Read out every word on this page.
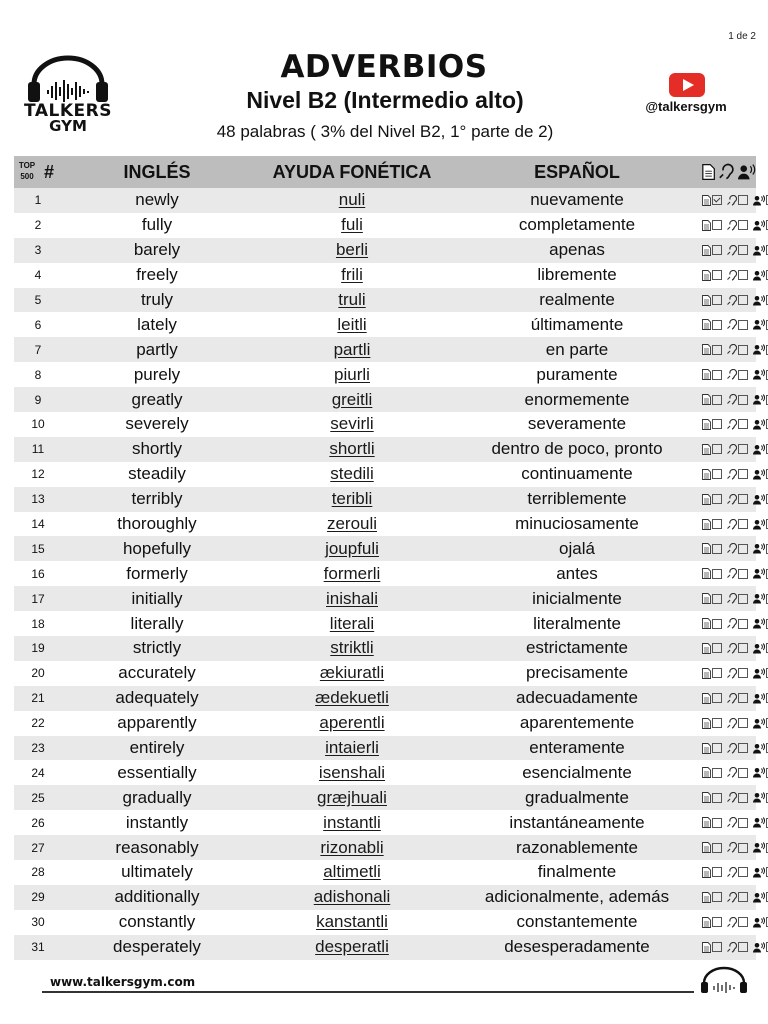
1 de 2
TALKERS
GYM
ADVERBIOS
Nivel B2 (Intermedio alto)
48 palabras ( 3% del Nivel B2, 1° parte de 2)
@talkersgym
TOP
500 #	INGLÉS	AYUDA FONÉTICA	ESPAÑOL
1	newly	nuli	nuevamente
2	fully	fuli	completamente
3	barely	berli	apenas
4	freely	frili	libremente
5	truly	truli	realmente
6	lately	leitli	últimamente
7	partly	partli	en parte
8	purely	piurli	puramente
9	greatly	greitli	enormemente
10	severely	sevirli	severamente
11	shortly	shortli	dentro de poco, pronto
12	steadily	stedili	continuamente
13	terribly	teribli	terriblemente
14	thoroughly	zerouli	minuciosamente
15	hopefully	joupfuli	ojalá
16	formerly	formerli	antes
17	initially	inishali	inicialmente
18	literally	literali	literalmente
19	strictly	striktli	estrictamente
20	accurately	ækiuratli	precisamente
21	adequately	ædekuetli	adecuadamente
22	apparently	aperentli	aparentemente
23	entirely	intaierli	enteramente
24	essentially	isenshali	esencialmente
25	gradually	græjhuali	gradualmente
26	instantly	instantli	instantáneamente
27	reasonably	rizonabli	razonablemente
28	ultimately	altimetli	finalmente
29	additionally	adishonali	adicionalmente, además
30	constantly	kanstantli	constantemente
31	desperately	desperatli	desesperadamente
www.talkersgym.com
